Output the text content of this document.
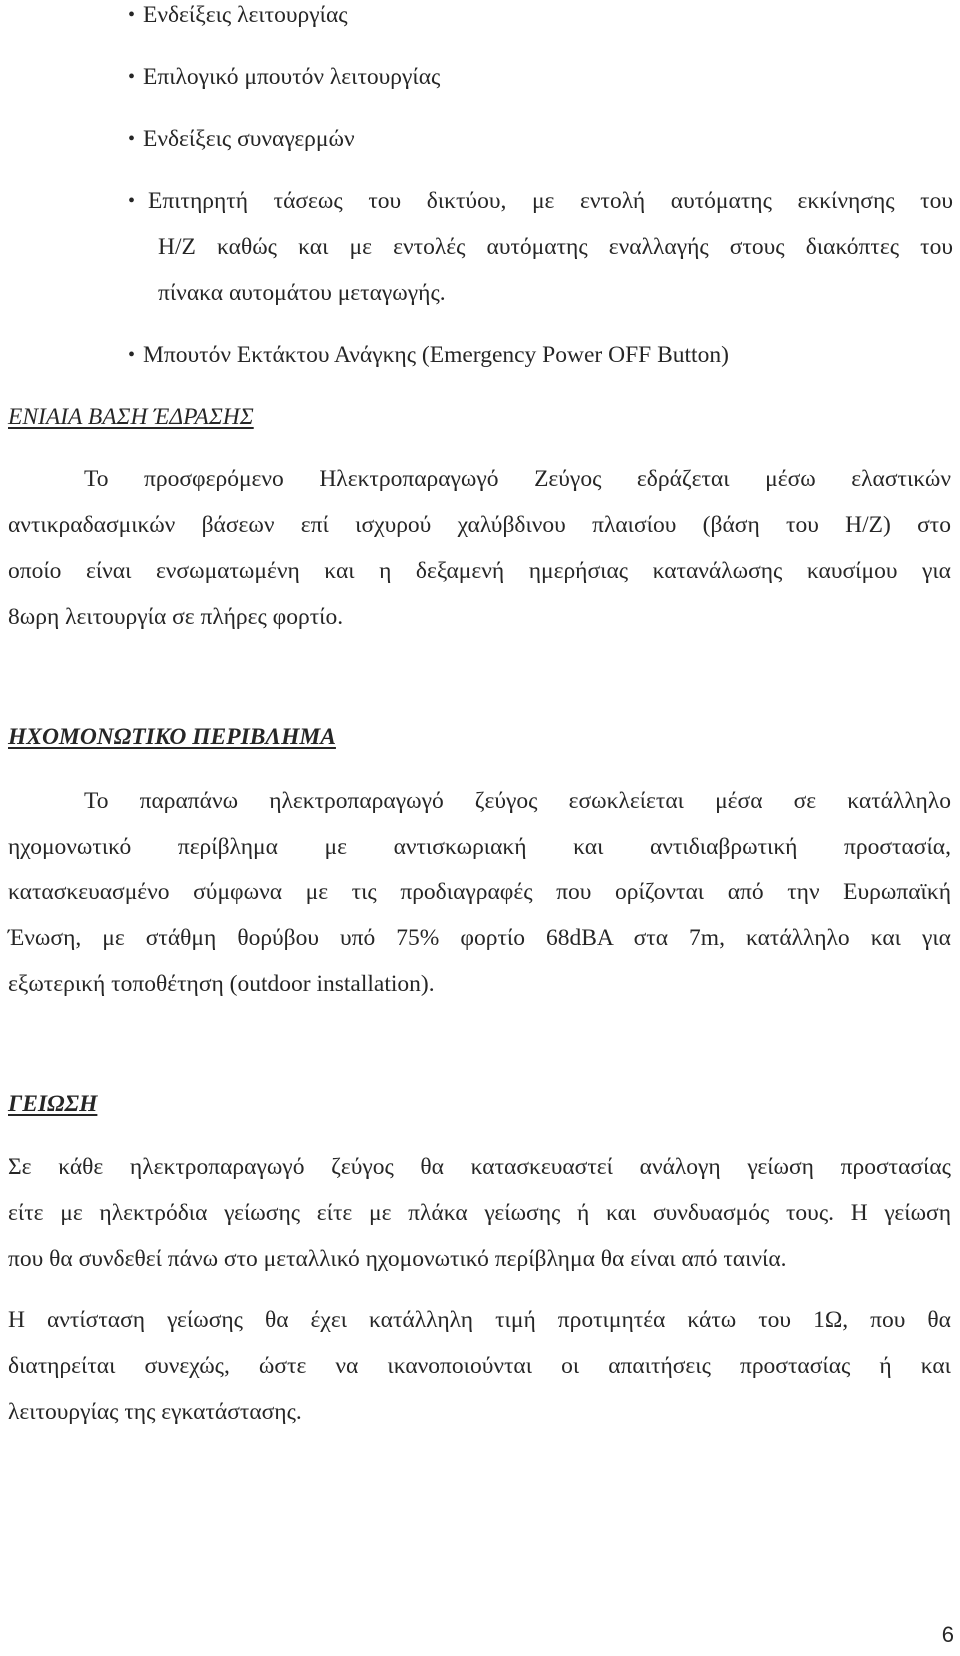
• Ενδείξεις λειτουργίας
• Επιλογικό μπουτόν λειτουργίας
• Ενδείξεις συναγερμών
• Επιτηρητή τάσεως του δικτύου, με εντολή αυτόματης εκκίνησης του
Η/Ζ καθώς και με εντολές αυτόματης εναλλαγής στους διακόπτες του
πίνακα αυτομάτου μεταγωγής.
• Μπουτόν Εκτάκτου Ανάγκης (Emergency Power OFF Button)
ΕΝΙΑΙΑ ΒΑΣΗ ΈΔΡΑΣΗΣ
Το προσφερόμενο Ηλεκτροπαραγωγό Ζεύγος εδράζεται μέσω ελαστικών
αντικραδασμικών βάσεων επί ισχυρού χαλύβδινου πλαισίου (βάση του Η/Ζ) στο
οποίο είναι ενσωματωμένη και η δεξαμενή ημερήσιας κατανάλωσης καυσίμου για
8ωρη λειτουργία σε πλήρες φορτίο.
ΗΧΟΜΟΝΩΤΙΚΟ ΠΕΡΙΒΛΗΜΑ
Το παραπάνω ηλεκτροπαραγωγό ζεύγος εσωκλείεται μέσα σε κατάλληλο
ηχομονωτικό περίβλημα με αντισκωριακή και αντιδιαβρωτική προστασία,
κατασκευασμένο σύμφωνα με τις προδιαγραφές που ορίζονται από την Ευρωπαϊκή
Ένωση, με στάθμη θορύβου υπό 75% φορτίο 68dBA στα 7m, κατάλληλο και για
εξωτερική τοποθέτηση (outdoor installation).
ΓΕΙΩΣΗ
Σε κάθε ηλεκτροπαραγωγό ζεύγος θα κατασκευαστεί ανάλογη γείωση προστασίας
είτε με ηλεκτρόδια γείωσης είτε με πλάκα γείωσης ή και συνδυασμός τους. Η γείωση
που θα συνδεθεί πάνω στο μεταλλικό ηχομονωτικό περίβλημα θα είναι από ταινία.
Η αντίσταση γείωσης θα έχει κατάλληλη τιμή προτιμητέα κάτω του 1Ω, που θα
διατηρείται συνεχώς, ώστε να ικανοποιούνται οι απαιτήσεις προστασίας ή και
λειτουργίας της εγκατάστασης.
6
